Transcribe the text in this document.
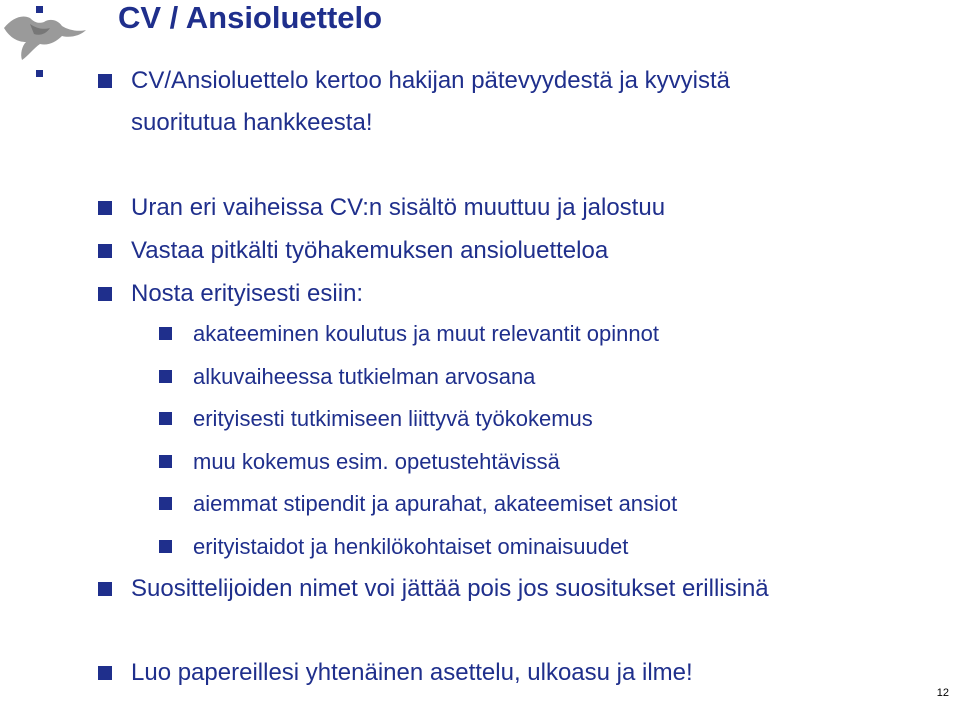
CV / Ansioluettelo
CV/Ansioluettelo kertoo hakijan pätevyydestä ja kyvyistä
suoritutua hankkeesta!
Uran eri vaiheissa CV:n sisältö muuttuu ja jalostuu
Vastaa pitkälti työhakemuksen ansioluetteloa
Nosta erityisesti esiin:
akateeminen koulutus ja muut relevantit opinnot
alkuvaiheessa tutkielman arvosana
erityisesti tutkimiseen liittyvä työkokemus
muu kokemus esim. opetustehtävissä
aiemmat stipendit ja apurahat, akateemiset ansiot
erityistaidot ja henkilökohtaiset ominaisuudet
Suosittelijoiden nimet voi jättää pois jos suositukset erillisinä
Luo papereillesi yhtenäinen asettelu, ulkoasu ja ilme!
12
